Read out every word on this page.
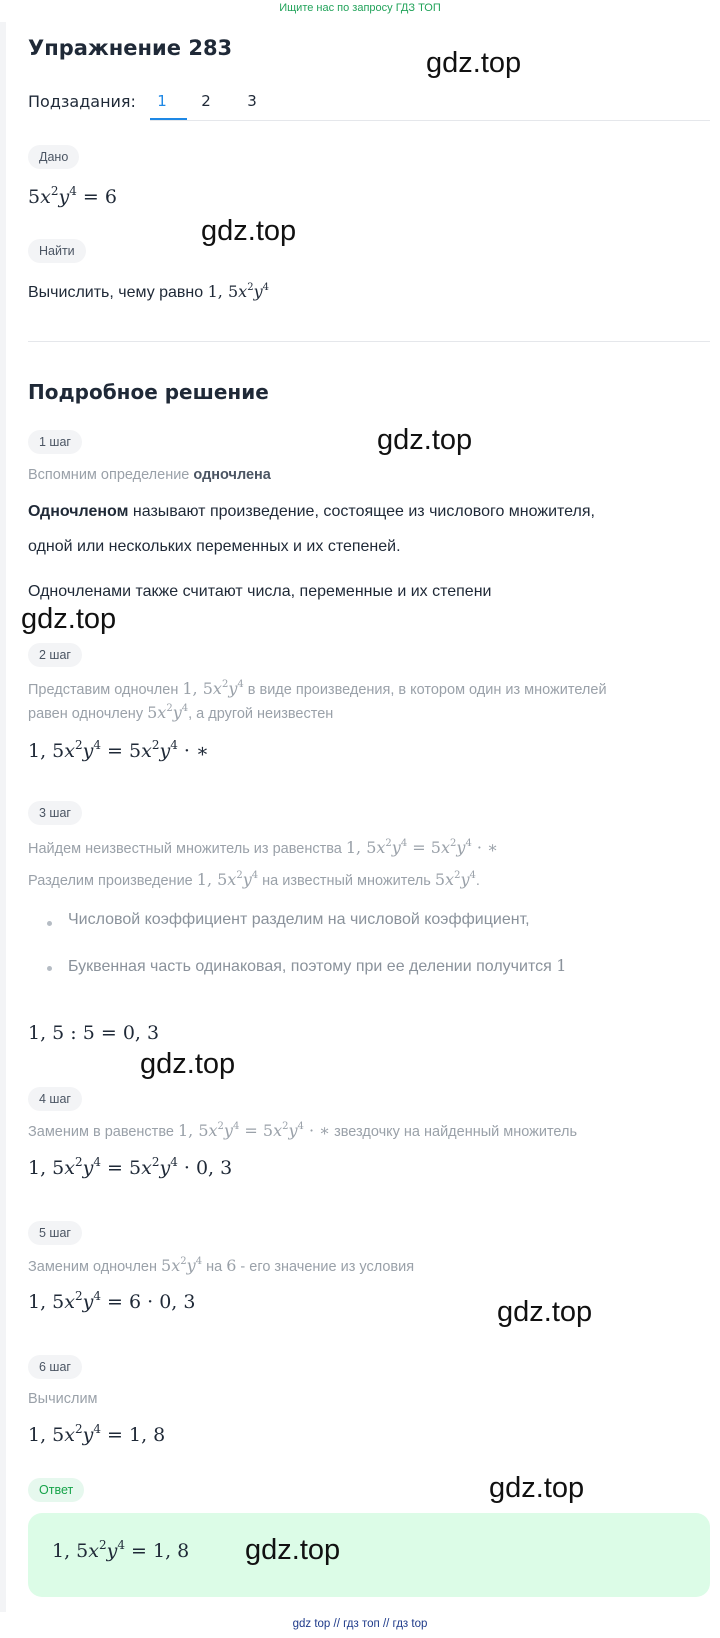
Ищите нас по запросу ГДЗ ТОП
Упражнение 283
Подзадания:	1	2	3
Дано
$5x^2y^4 = 6$
Найти
Вычислить, чему равно 1, $5x^2y^4$
Подробное решение
1 шаг
Вспомним определение одночлена
Одночленом называют произведение, состоящее из числового множителя,
одной или нескольких переменных и их степеней.
Одночленами также считают числа, переменные и их степени
2 шаг
Представим одночлен 1, $5x^2y^4$ в виде произведения, в котором один из множителей
равен одночлену $5x^2y^4$, а другой неизвестен
1, $5x^2y^4 = 5x^2y^4$ · ∗
3 шаг
Найдем неизвестный множитель из равенства 1, $5x^2y^4 = 5x^2y^4$ · ∗
Разделим произведение 1, $5x^2y^4$ на известный множитель $5x^2y^4$.
Числовой коэффициент разделим на числовой коэффициент,
Буквенная часть одинаковая, поэтому при ее делении получится 1
1, 5 : 5 = 0, 3
4 шаг
Заменим в равенстве 1, $5x^2y^4 = 5x^2y^4$ · ∗ звездочку на найденный множитель
1, $5x^2y^4 = 5x^2y^4 \cdot 0$, 3
5 шаг
Заменим одночлен $5x^2y^4$ на 6 - его значение из условия
1, $5x^2y^4 = 6 \cdot 0$, 3
6 шаг
Вычислим
1, $5x^2y^4 = 1$, 8
Ответ
1, $5x^2y^4 = 1$, 8
gdz.top
gdz.top
gdz.top
gdz.top
gdz.top
gdz.top
gdz.top
gdz.top
gdz top // гдз топ // гдз top
